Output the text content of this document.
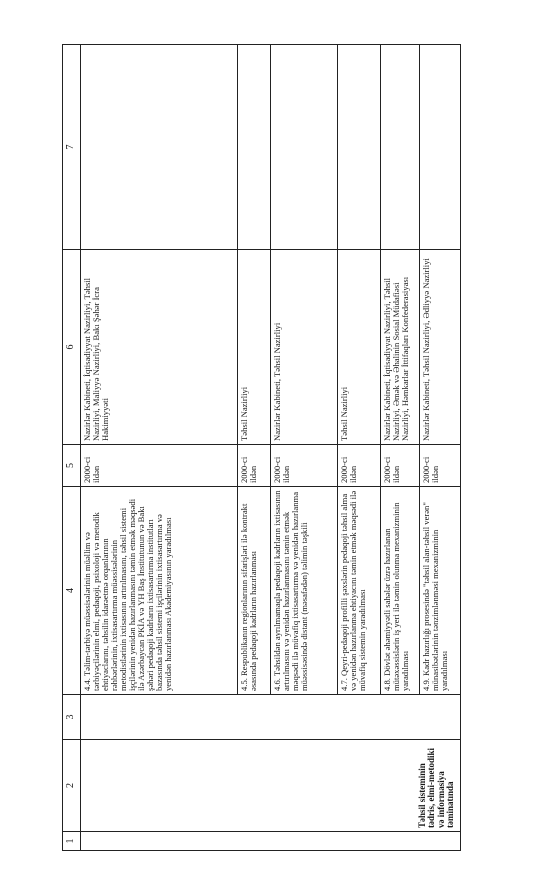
1	2	3	4	5	6	7
	Təhsil sisteminin tədris, elmi-metodiki və informasiya təminatında		4.4. Təlim-tərbiyə müəssisələrinin müəllim və tərbiyəçilərinin elmi, pedaqoji, psixoloji və metodik ehtiyaclarını, təhsilin idarəetmə orqanlarının rəhbərlərinin, ixtisasartırma müəssisələrinin metodistlərinin ixtisasının artırılmasını, təhsil sistemi işçilərinin yenidən hazırlanmasını təmin etmək məqsədi ilə Azərbaycan PKİA və YH Baş İnstitutunun və Bakı şəhəri pedaqoji kadrların ixtisasartırma institutları bazasında təhsil sistemi işçilərinin ixtisasartırma və yenidən hazırlanması Akademiyasının yaradılması	2000-ci ildən	Nazirlər Kabineti, İqtisadiyyat Nazirliyi, Təhsil Nazirliyi, Maliyyə Nazirliyi, Bakı Şəhər İcra Hakimiyyəti	
			4.5. Respublikanın regionlarının sifarişləri ilə kontrakt əsasında pedaqoji kadrların hazırlanması	2000-ci ildən	Təhsil Nazirliyi	
			4.6. Təhsildən ayrılmamaqla pedaqoji kadrların ixtisasının artırılmasını və yenidən hazırlanmasını təmin etmək məqsədi ilə müvafiq ixtisasartırma və yenidən hazırlanma müəssisəsində distant (məsafədən) təlimin təşkili	2000-ci ildən	Nazirlər Kabineti, Təhsil Nazirliyi	
			4.7. Qeyri-pedaqoji profilli şəxslərin pedaqoji təhsil alma və yenidən hazırlanma ehtiyacını təmin etmək məqsədi ilə müvafiq sistemin yaradılması	2000-ci ildən	Təhsil Nazirliyi	
			4.8. Dövlət əhəmiyyətli sahələr üzrə hazırlanan mütəxəssislərin iş yeri ilə təmin olunma mexanizminin yaradılması	2000-ci ildən	Nazirlər Kabineti, İqtisadiyyat Nazirliyi, Təhsil Nazirliyi, Əmək və Əhalinin Sosial Müdafiəsi Nazirliyi, Həmkarlar İttifaqları Konfederasiyası	
			4.9. Kadr hazırlığı prosesində "təhsil alan-təhsil verən" münasibətlərinin tənzimlənməsi mexanizminin yaradılması	2000-ci ildən	Nazirlər Kabineti, Təhsil Nazirliyi, Ədliyyə Nazirliyi	
